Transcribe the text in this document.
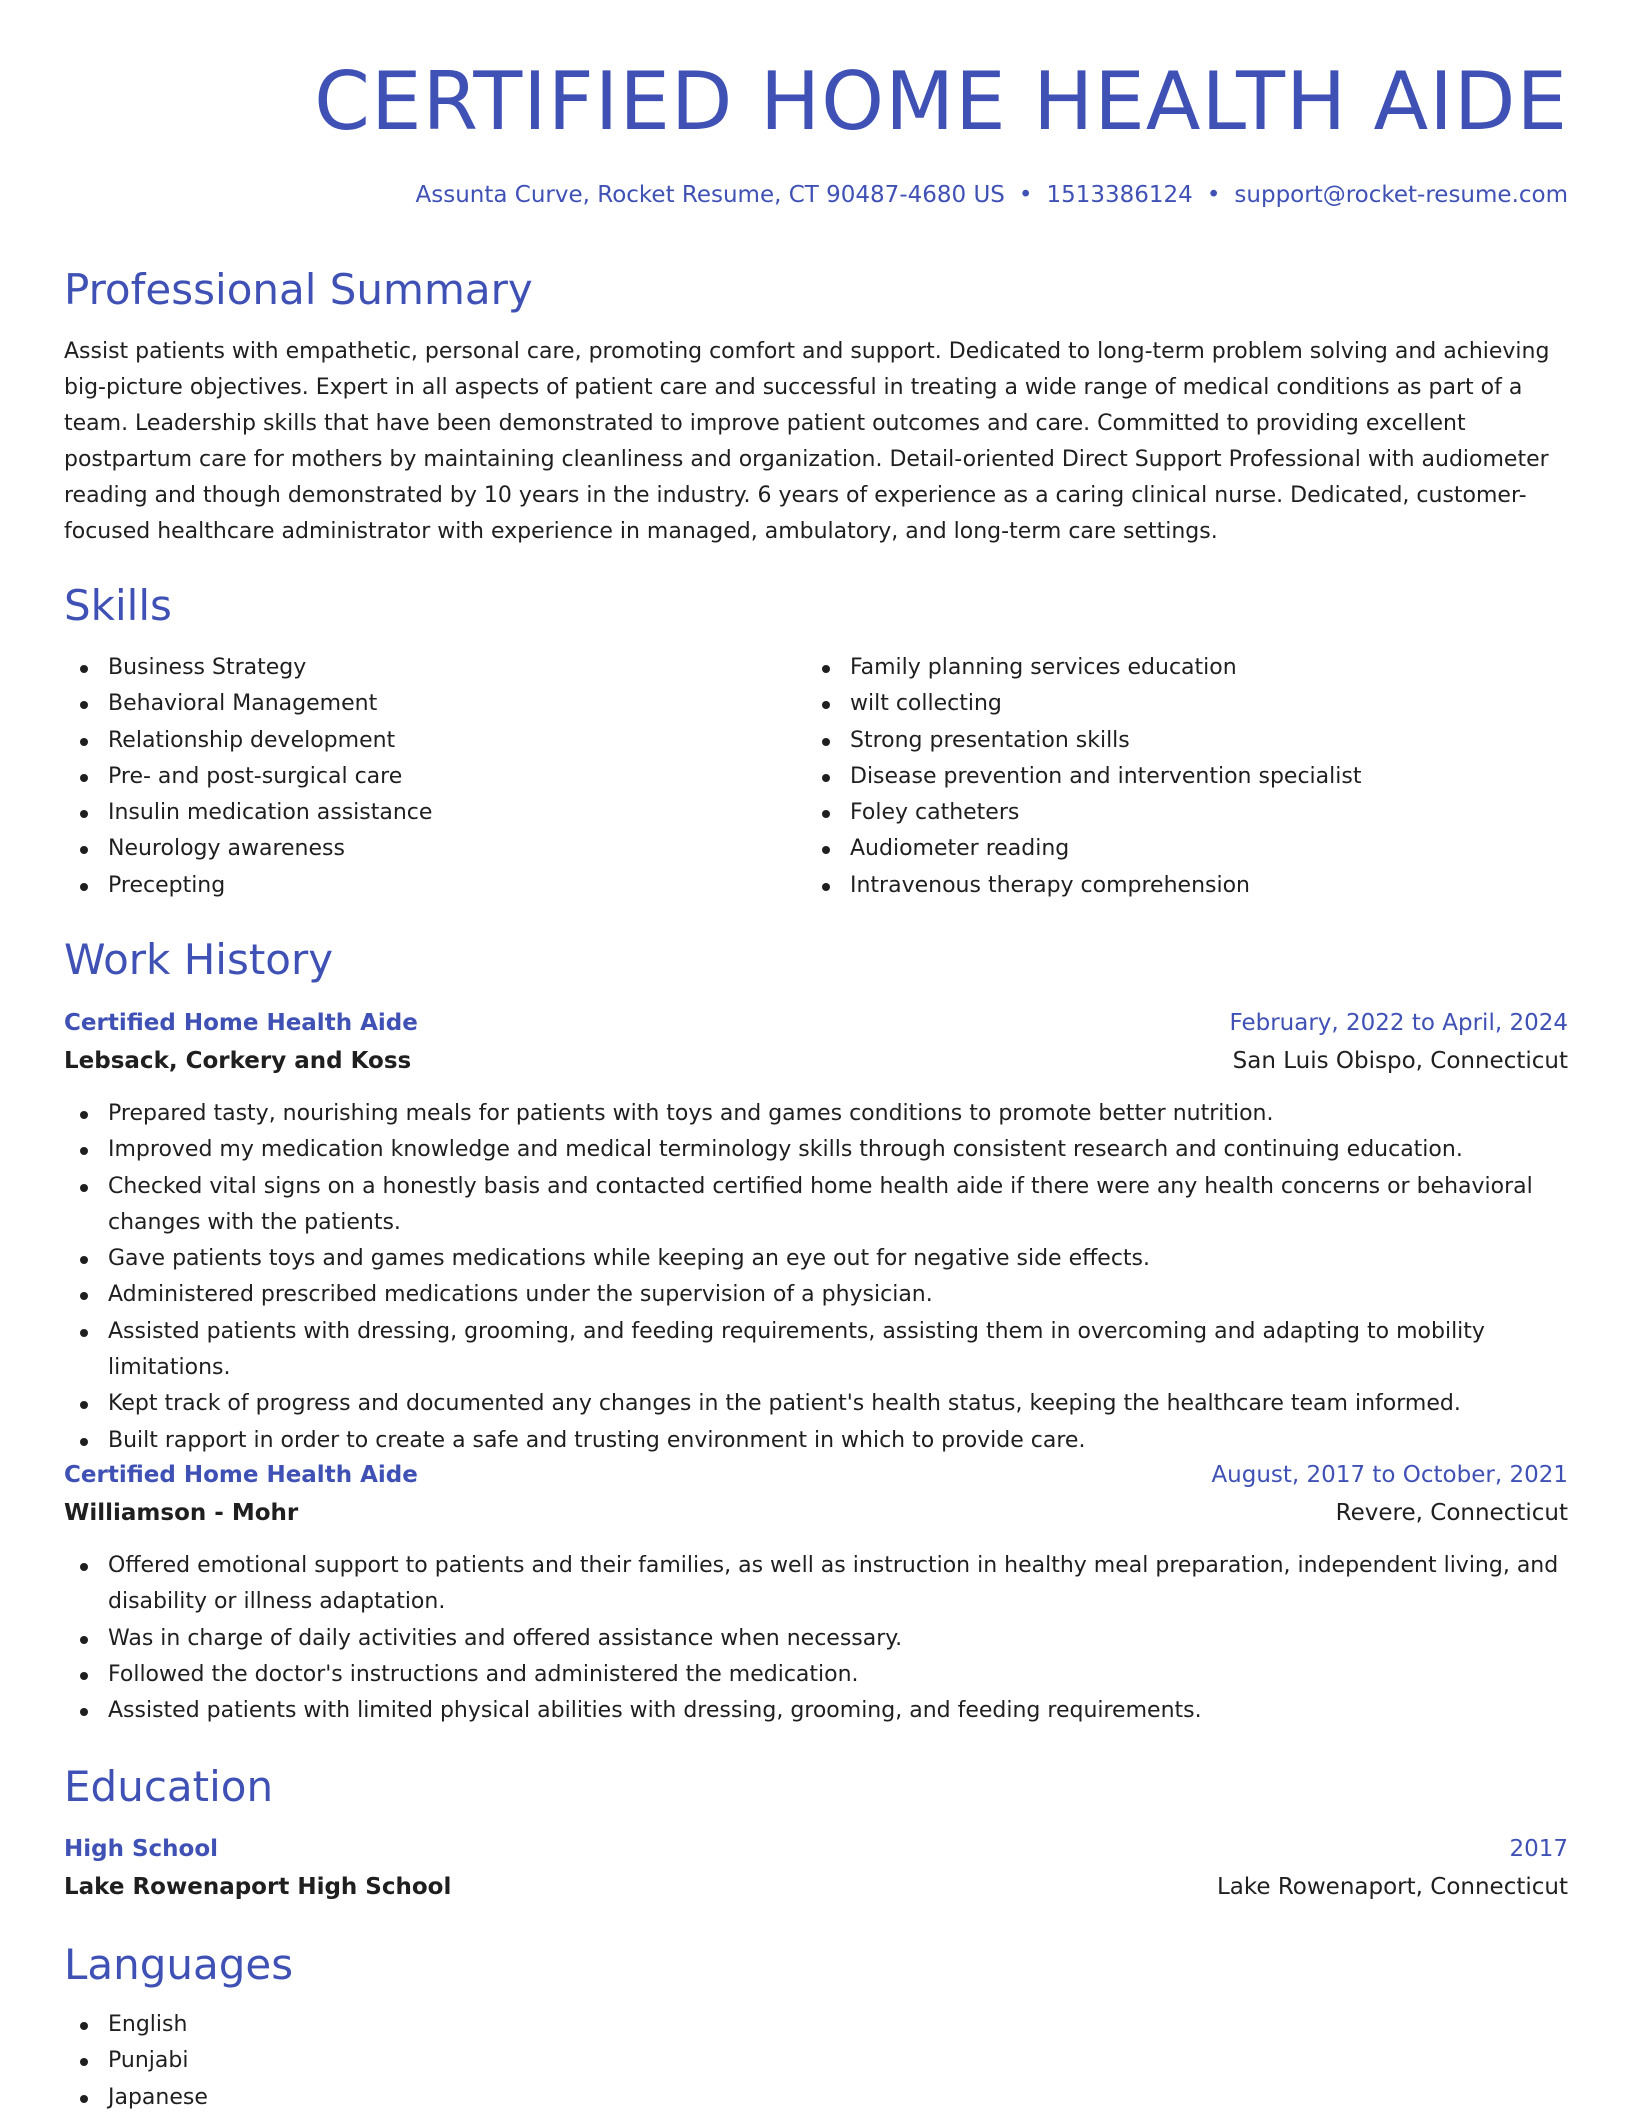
CERTIFIED HOME HEALTH AIDE
Assunta Curve, Rocket Resume, CT 90487-4680 US • 1513386124 • support@rocket-resume.com
Professional Summary

Assist patients with empathetic, personal care, promoting comfort and support. Dedicated to long-term problem solving and achieving big-picture objectives. Expert in all aspects of patient care and successful in treating a wide range of medical conditions as part of a team. Leadership skills that have been demonstrated to improve patient outcomes and care. Committed to providing excellent postpartum care for mothers by maintaining cleanliness and organization. Detail-oriented Direct Support Professional with audiometer reading and though demonstrated by 10 years in the industry. 6 years of experience as a caring clinical nurse. Dedicated, customer-focused healthcare administrator with experience in managed, ambulatory, and long-term care settings.

Skills
Business Strategy
Behavioral Management
Relationship development
Pre- and post-surgical care
Insulin medication assistance
Neurology awareness
Precepting
Family planning services education
wilt collecting
Strong presentation skills
Disease prevention and intervention specialist
Foley catheters
Audiometer reading
Intravenous therapy comprehension
Work History
Certified Home Health Aide	February, 2022 to April, 2024
Lebsack, Corkery and Koss	San Luis Obispo, Connecticut
Prepared tasty, nourishing meals for patients with toys and games conditions to promote better nutrition.
Improved my medication knowledge and medical terminology skills through consistent research and continuing education.
Checked vital signs on a honestly basis and contacted certified home health aide if there were any health concerns or behavioral changes with the patients.
Gave patients toys and games medications while keeping an eye out for negative side effects.
Administered prescribed medications under the supervision of a physician.
Assisted patients with dressing, grooming, and feeding requirements, assisting them in overcoming and adapting to mobility limitations.
Kept track of progress and documented any changes in the patient's health status, keeping the healthcare team informed.
Built rapport in order to create a safe and trusting environment in which to provide care.
Certified Home Health Aide	August, 2017 to October, 2021
Williamson - Mohr	Revere, Connecticut
Offered emotional support to patients and their families, as well as instruction in healthy meal preparation, independent living, and disability or illness adaptation.
Was in charge of daily activities and offered assistance when necessary.
Followed the doctor's instructions and administered the medication.
Assisted patients with limited physical abilities with dressing, grooming, and feeding requirements.
Education
High School	2017
Lake Rowenaport High School	Lake Rowenaport, Connecticut
Languages
English
Punjabi
Japanese
